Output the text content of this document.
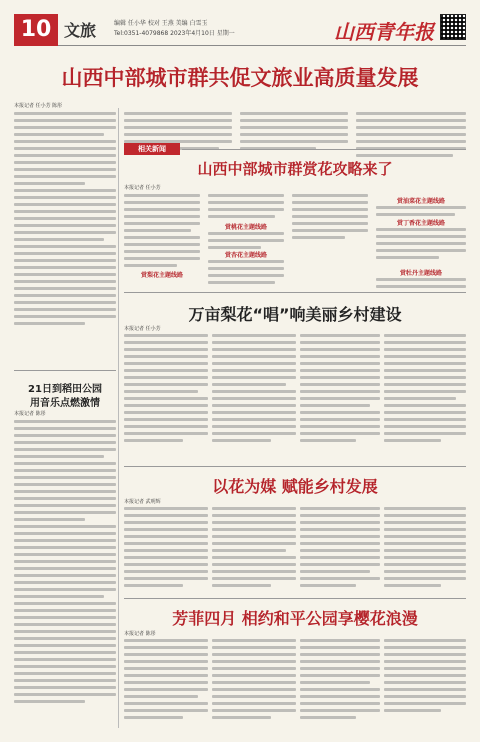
10 文旅	编辑 任小华 校对 王燕 美编 白雪玉
Tel:0351-4079868 2023年4月10日 星期一	山西青年报
山西中部城市群共促文旅业高质量发展
本报记者 任小芳 陈彤
相关新闻
山西中部城市群赏花攻略来了
本报记者 任小芳
赏梨花主题线路
赏桃花主题线路
赏杏花主题线路
赏油菜花主题线路
赏丁香花主题线路
赏牡丹主题线路
21日到稻田公园
用音乐点燃激情
本报记者 陈彤
万亩梨花“唱”响美丽乡村建设
本报记者 任小芳
以花为媒 赋能乡村发展
本报记者 武明辉
芳菲四月 相约和平公园享樱花浪漫
本报记者 陈彤
